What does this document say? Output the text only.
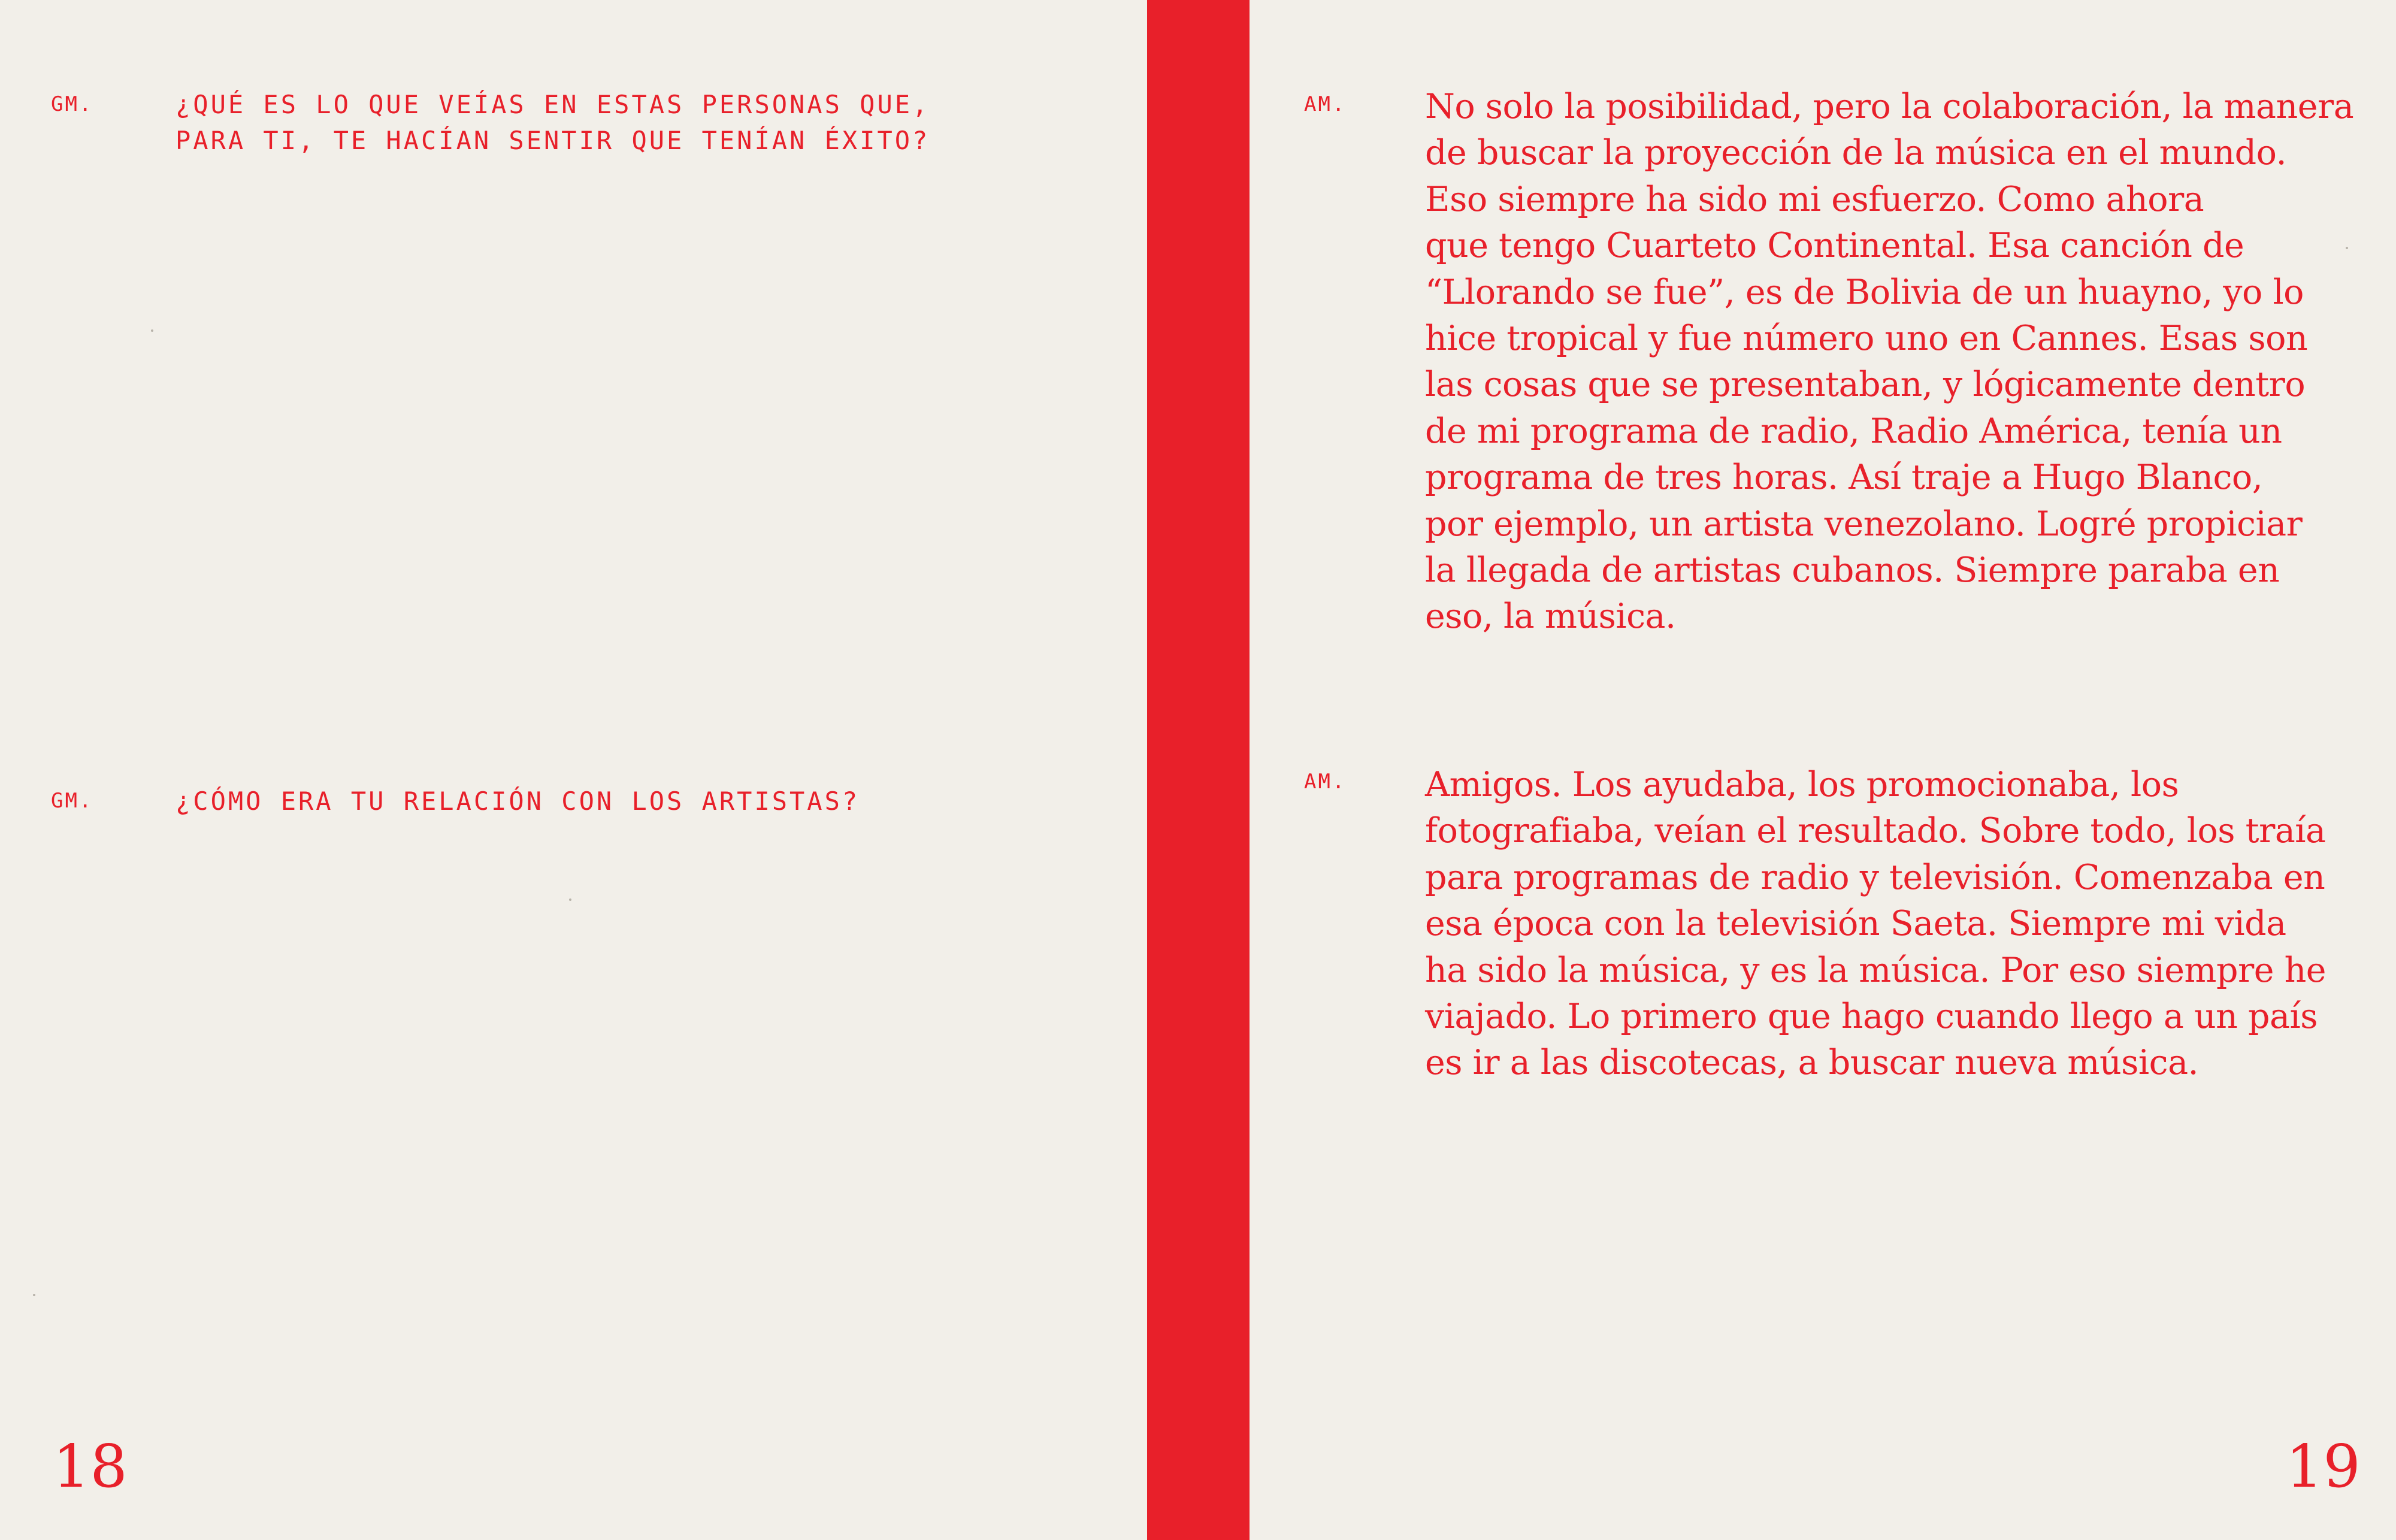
GM.	¿QUÉ ES LO QUE VEÍAS EN ESTAS PERSONAS QUE,
PARA TI, TE HACÍAN SENTIR QUE TENÍAN ÉXITO?

GM.	¿CÓMO ERA TU RELACIÓN CON LOS ARTISTAS?

18
AM. No solo la posibilidad, pero la colaboración, la manera
de buscar la proyección de la música en el mundo.
Eso siempre ha sido mi esfuerzo. Como ahora
que tengo Cuarteto Continental. Esa canción de
“Llorando se fue”, es de Bolivia de un huayno, yo lo
hice tropical y fue número uno en Cannes. Esas son
las cosas que se presentaban, y lógicamente dentro
de mi programa de radio, Radio América, tenía un
programa de tres horas. Así traje a Hugo Blanco,
por ejemplo, un artista venezolano. Logré propiciar
la llegada de artistas cubanos. Siempre paraba en
eso, la música.

AM. Amigos. Los ayudaba, los promocionaba, los
fotografiaba, veían el resultado. Sobre todo, los traía
para programas de radio y televisión. Comenzaba en
esa época con la televisión Saeta. Siempre mi vida
ha sido la música, y es la música. Por eso siempre he
viajado. Lo primero que hago cuando llego a un país
es ir a las discotecas, a buscar nueva música.

19
